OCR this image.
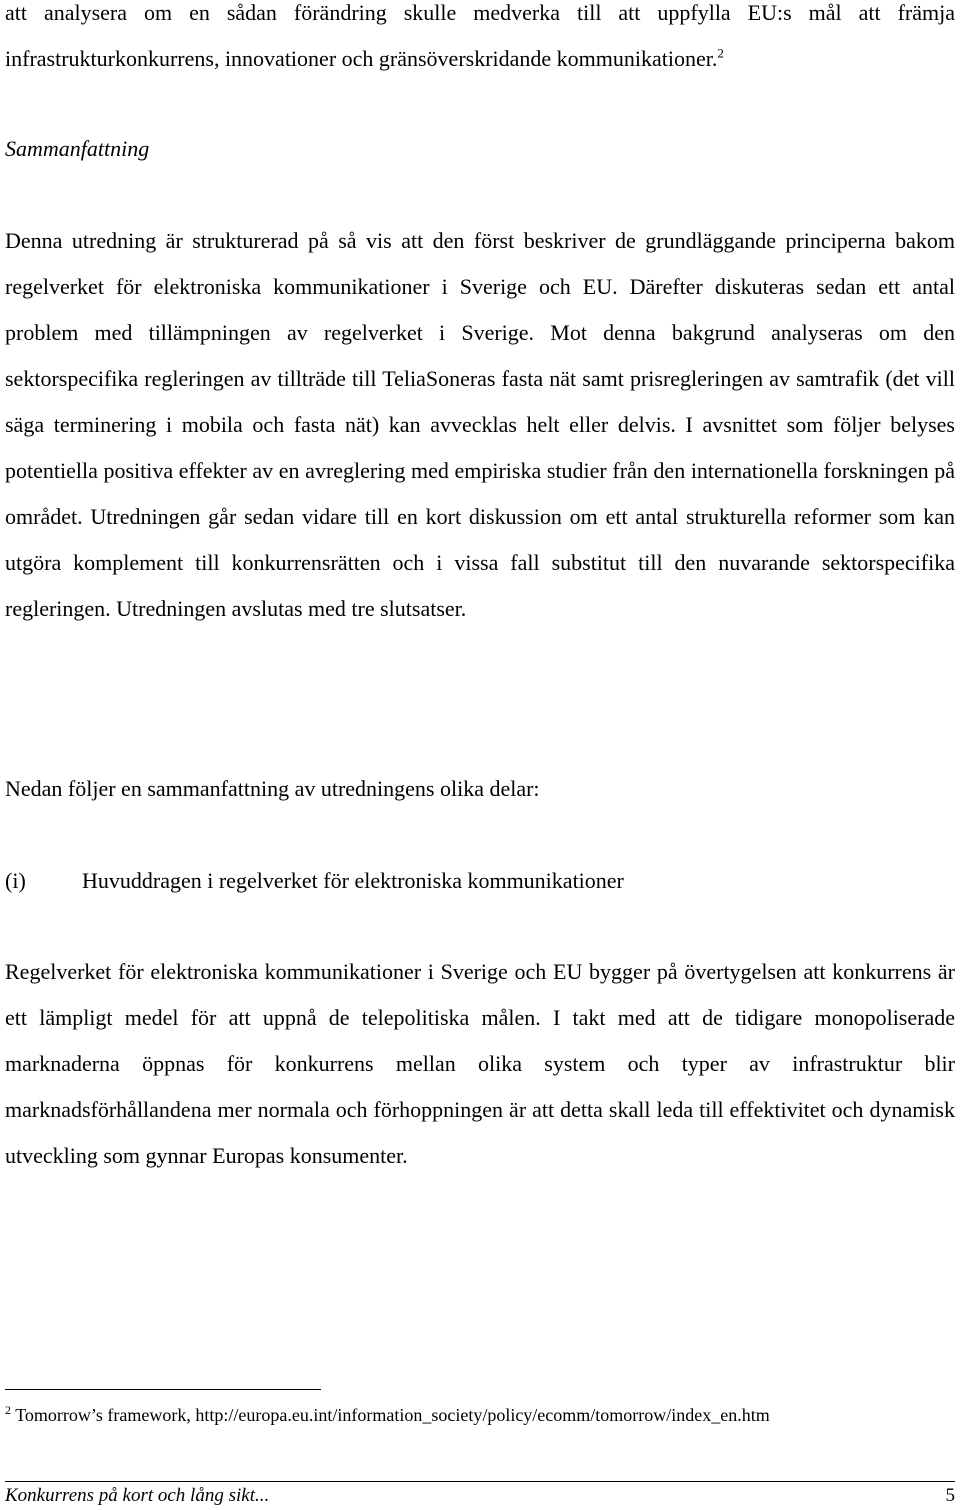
att analysera om en sådan förändring skulle medverka till att uppfylla EU:s mål att främja infrastrukturkonkurrens, innovationer och gränsöverskridande kommunikationer.$^2$
Sammanfattning
Denna utredning är strukturerad på så vis att den först beskriver de grundläggande principerna bakom regelverket för elektroniska kommunikationer i Sverige och EU. Därefter diskuteras sedan ett antal problem med tillämpningen av regelverket i Sverige. Mot denna bakgrund analyseras om den sektorspecifika regleringen av tillträde till TeliaSoneras fasta nät samt prisregleringen av samtrafik (det vill säga terminering i mobila och fasta nät) kan avvecklas helt eller delvis. I avsnittet som följer belyses potentiella positiva effekter av en avreglering med empiriska studier från den internationella forskningen på området. Utredningen går sedan vidare till en kort diskussion om ett antal strukturella reformer som kan utgöra komplement till konkurrensrätten och i vissa fall substitut till den nuvarande sektorspecifika regleringen. Utredningen avslutas med tre slutsatser.
Nedan följer en sammanfattning av utredningens olika delar:
(i)	Huvuddragen i regelverket för elektroniska kommunikationer
Regelverket för elektroniska kommunikationer i Sverige och EU bygger på övertygelsen att konkurrens är ett lämpligt medel för att uppnå de telepolitiska målen. I takt med att de tidigare monopoliserade marknaderna öppnas för konkurrens mellan olika system och typer av infrastruktur blir marknadsförhållandena mer normala och förhoppningen är att detta skall leda till effektivitet och dynamisk utveckling som gynnar Europas konsumenter.
$^2$ Tomorrow’s framework, http://europa.eu.int/information_society/policy/ecomm/tomorrow/index_en.htm
Konkurrens på kort och lång sikt...	5
